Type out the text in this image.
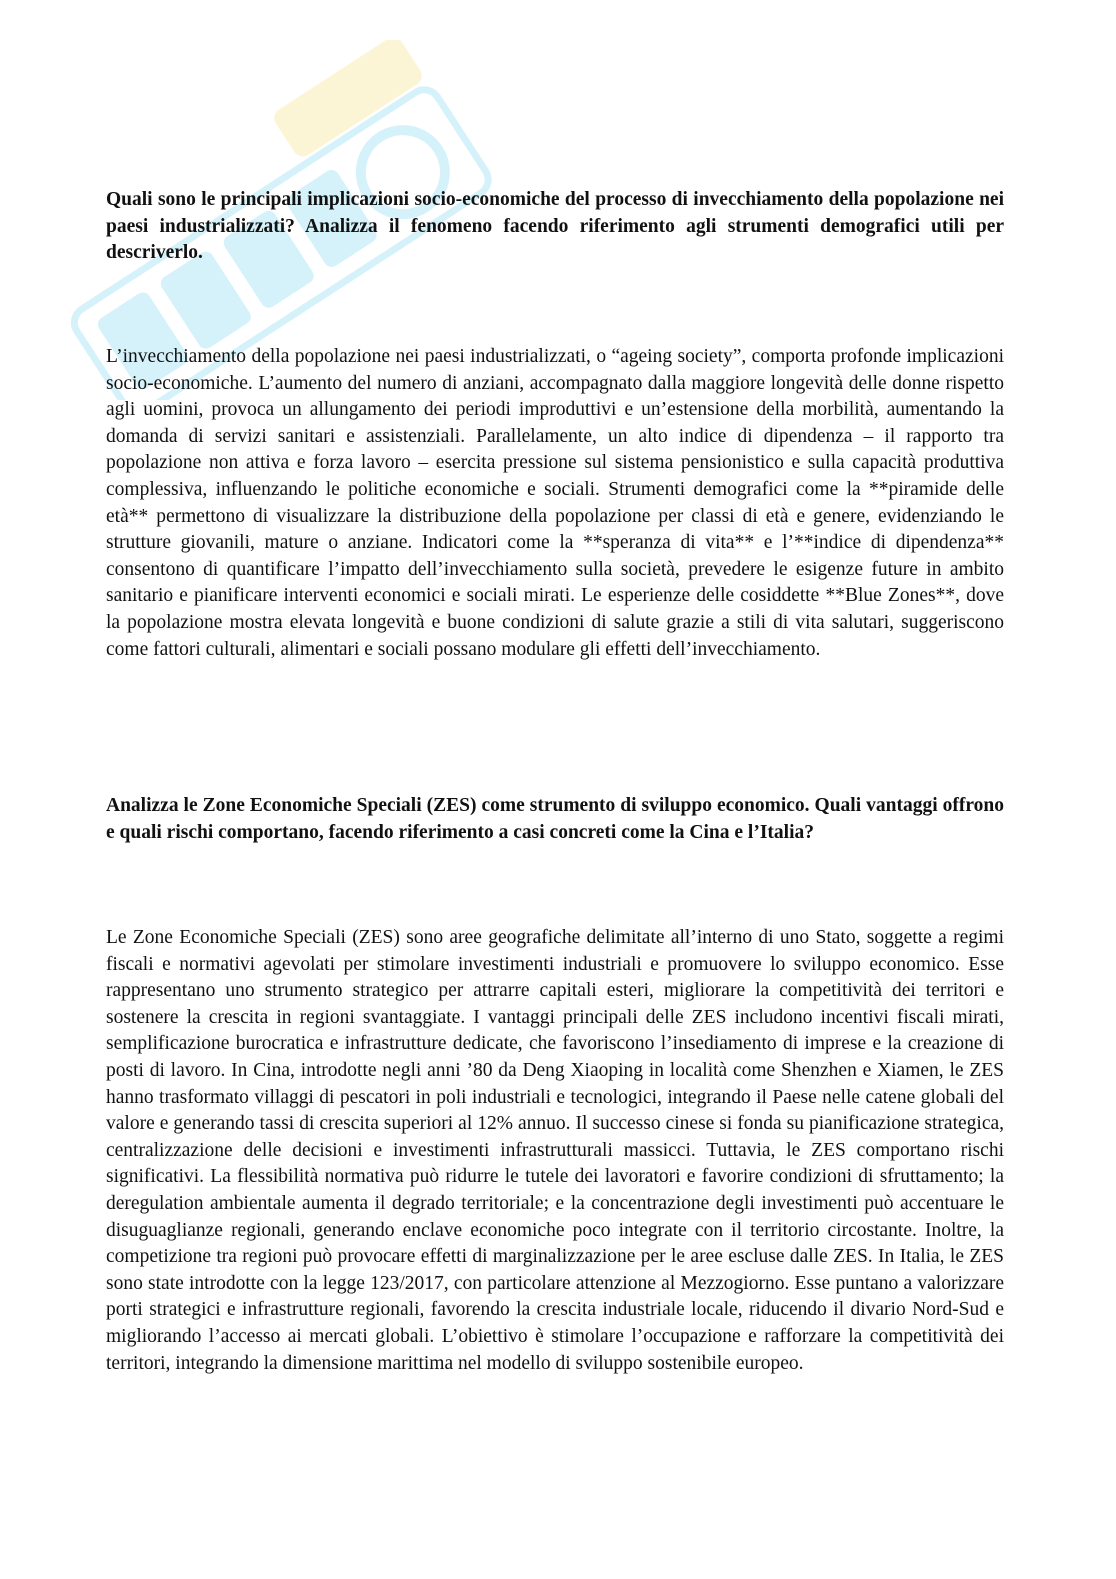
Quali sono le principali implicazioni socio-economiche del processo di invecchiamento della popolazione nei paesi industrializzati? Analizza il fenomeno facendo riferimento agli strumenti demografici utili per descriverlo.

L’invecchiamento della popolazione nei paesi industrializzati, o “ageing society”, comporta profonde implicazioni socio-economiche. L’aumento del numero di anziani, accompagnato dalla maggiore longevità delle donne rispetto agli uomini, provoca un allungamento dei periodi improduttivi e un’estensione della morbilità, aumentando la domanda di servizi sanitari e assistenziali. Parallelamente, un alto indice di dipendenza – il rapporto tra popolazione non attiva e forza lavoro – esercita pressione sul sistema pensionistico e sulla capacità produttiva complessiva, influenzando le politiche economiche e sociali. Strumenti demografici come la **piramide delle età** permettono di visualizzare la distribuzione della popolazione per classi di età e genere, evidenziando le strutture giovanili, mature o anziane. Indicatori come la **speranza di vita** e l’**indice di dipendenza** consentono di quantificare l’impatto dell’invecchiamento sulla società, prevedere le esigenze future in ambito sanitario e pianificare interventi economici e sociali mirati. Le esperienze delle cosiddette **Blue Zones**, dove la popolazione mostra elevata longevità e buone condizioni di salute grazie a stili di vita salutari, suggeriscono come fattori culturali, alimentari e sociali possano modulare gli effetti dell’invecchiamento.

Analizza le Zone Economiche Speciali (ZES) come strumento di sviluppo economico. Quali vantaggi offrono e quali rischi comportano, facendo riferimento a casi concreti come la Cina e l’Italia?

Le Zone Economiche Speciali (ZES) sono aree geografiche delimitate all’interno di uno Stato, soggette a regimi fiscali e normativi agevolati per stimolare investimenti industriali e promuovere lo sviluppo economico. Esse rappresentano uno strumento strategico per attrarre capitali esteri, migliorare la competitività dei territori e sostenere la crescita in regioni svantaggiate. I vantaggi principali delle ZES includono incentivi fiscali mirati, semplificazione burocratica e infrastrutture dedicate, che favoriscono l’insediamento di imprese e la creazione di posti di lavoro. In Cina, introdotte negli anni ’80 da Deng Xiaoping in località come Shenzhen e Xiamen, le ZES hanno trasformato villaggi di pescatori in poli industriali e tecnologici, integrando il Paese nelle catene globali del valore e generando tassi di crescita superiori al 12% annuo. Il successo cinese si fonda su pianificazione strategica, centralizzazione delle decisioni e investimenti infrastrutturali massicci. Tuttavia, le ZES comportano rischi significativi. La flessibilità normativa può ridurre le tutele dei lavoratori e favorire condizioni di sfruttamento; la deregulation ambientale aumenta il degrado territoriale; e la concentrazione degli investimenti può accentuare le disuguaglianze regionali, generando enclave economiche poco integrate con il territorio circostante. Inoltre, la competizione tra regioni può provocare effetti di marginalizzazione per le aree escluse dalle ZES. In Italia, le ZES sono state introdotte con la legge 123/2017, con particolare attenzione al Mezzogiorno. Esse puntano a valorizzare porti strategici e infrastrutture regionali, favorendo la crescita industriale locale, riducendo il divario Nord-Sud e migliorando l’accesso ai mercati globali. L’obiettivo è stimolare l’occupazione e rafforzare la competitività dei territori, integrando la dimensione marittima nel modello di sviluppo sostenibile europeo.
